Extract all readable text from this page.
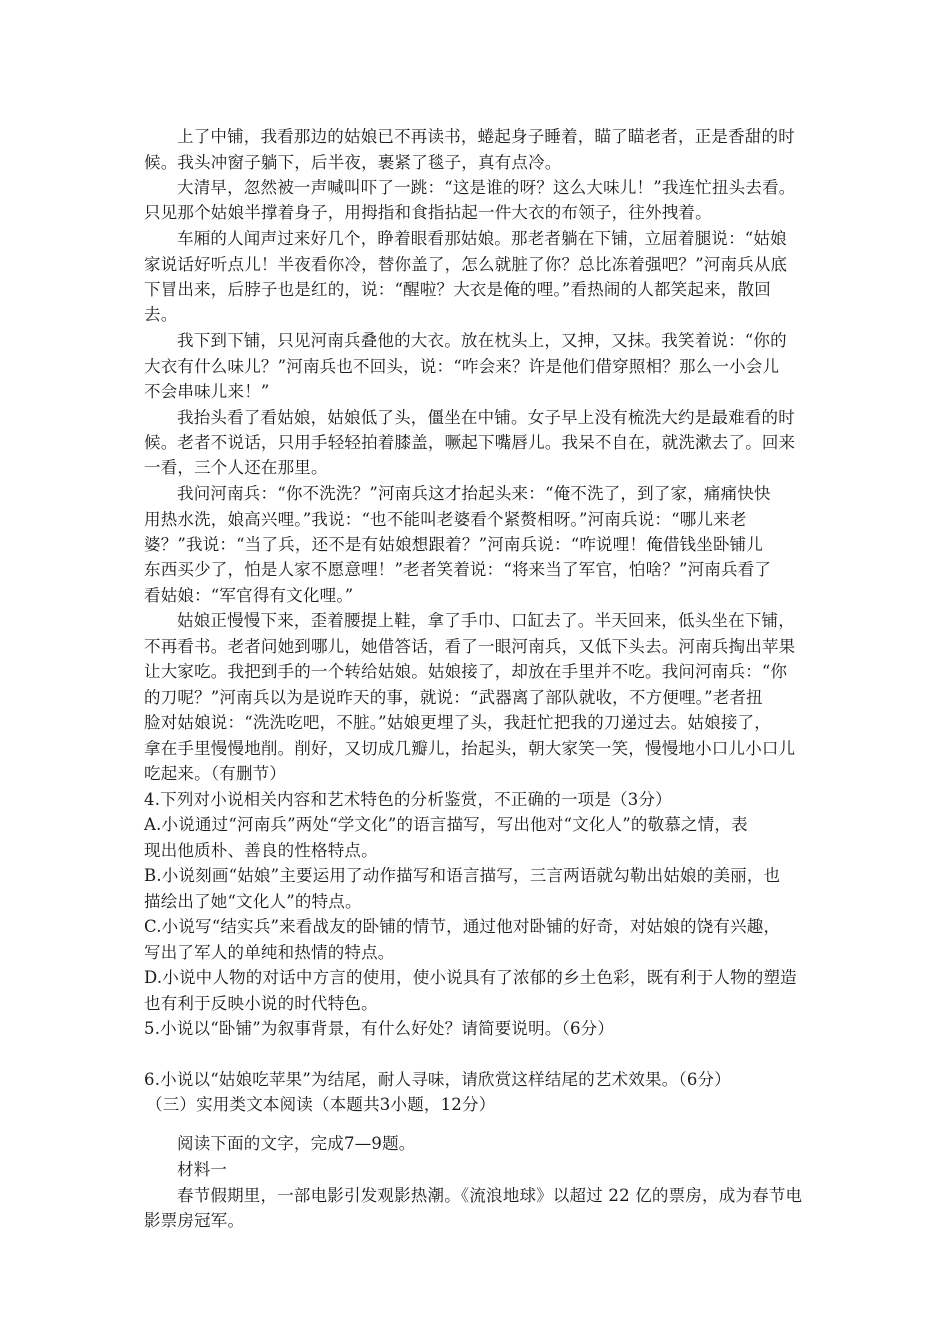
上了中铺，我看那边的姑娘已不再读书，蜷起身子睡着，瞄了瞄老者，正是香甜的时
候。我头冲窗子躺下，后半夜，裹紧了毯子，真有点冷。
大清早，忽然被一声喊叫吓了一跳：“这是谁的呀？这么大味儿！”我连忙扭头去看。
只见那个姑娘半撑着身子，用拇指和食指拈起一件大衣的布领子，往外拽着。
车厢的人闻声过来好几个，睁着眼看那姑娘。那老者躺在下铺，立屈着腿说：“姑娘
家说话好听点儿！半夜看你冷，替你盖了，怎么就脏了你？总比冻着强吧？”河南兵从底
下冒出来，后脖子也是红的，说：“醒啦？大衣是俺的哩。”看热闹的人都笑起来，散回
去。
我下到下铺，只见河南兵叠他的大衣。放在枕头上，又抻，又抹。我笑着说：“你的
大衣有什么味儿？”河南兵也不回头，说：“咋会来？许是他们借穿照相？那么一小会儿
不会串味儿来！”
我抬头看了看姑娘，姑娘低了头，僵坐在中铺。女子早上没有梳洗大约是最难看的时
候。老者不说话，只用手轻轻拍着膝盖，噘起下嘴唇儿。我呆不自在，就洗漱去了。回来
一看，三个人还在那里。
我问河南兵：“你不洗洗？”河南兵这才抬起头来：“俺不洗了，到了家，痛痛快快
用热水洗，娘高兴哩。”我说：“也不能叫老婆看个紧赘相呀。”河南兵说：“哪儿来老
婆？”我说：“当了兵，还不是有姑娘想跟着？”河南兵说：“咋说哩！俺借钱坐卧铺儿
东西买少了，怕是人家不愿意哩！”老者笑着说：“将来当了军官，怕啥？”河南兵看了
看姑娘：“军官得有文化哩。”
姑娘正慢慢下来，歪着腰提上鞋，拿了手巾、口缸去了。半天回来，低头坐在下铺，
不再看书。老者问她到哪儿，她借答话，看了一眼河南兵，又低下头去。河南兵掏出苹果
让大家吃。我把到手的一个转给姑娘。姑娘接了，却放在手里并不吃。我问河南兵：“你
的刀呢？”河南兵以为是说昨天的事，就说：“武器离了部队就收，不方便哩。”老者扭
脸对姑娘说：“洗洗吃吧，不脏。”姑娘更埋了头，我赶忙把我的刀递过去。姑娘接了，
拿在手里慢慢地削。削好，又切成几瓣儿，抬起头，朝大家笑一笑，慢慢地小口儿小口儿
吃起来。（有删节）
4.下列对小说相关内容和艺术特色的分析鉴赏，不正确的一项是（3分）
A.小说通过“河南兵”两处“学文化”的语言描写，写出他对“文化人”的敬慕之情，表
现出他质朴、善良的性格特点。
B.小说刻画“姑娘”主要运用了动作描写和语言描写，三言两语就勾勒出姑娘的美丽，也
描绘出了她“文化人”的特点。
C.小说写“结实兵”来看战友的卧铺的情节，通过他对卧铺的好奇，对姑娘的饶有兴趣，
写出了军人的单纯和热情的特点。
D.小说中人物的对话中方言的使用，使小说具有了浓郁的乡土色彩，既有利于人物的塑造
也有利于反映小说的时代特色。
5.小说以“卧铺”为叙事背景，有什么好处？请简要说明。（6分）
6.小说以“姑娘吃苹果”为结尾，耐人寻味，请欣赏这样结尾的艺术效果。（6分）
（三）实用类文本阅读（本题共3小题，12分）
阅读下面的文字，完成7—9题。
材料一
春节假期里，一部电影引发观影热潮。《流浪地球》以超过 22 亿的票房，成为春节电
影票房冠军。
